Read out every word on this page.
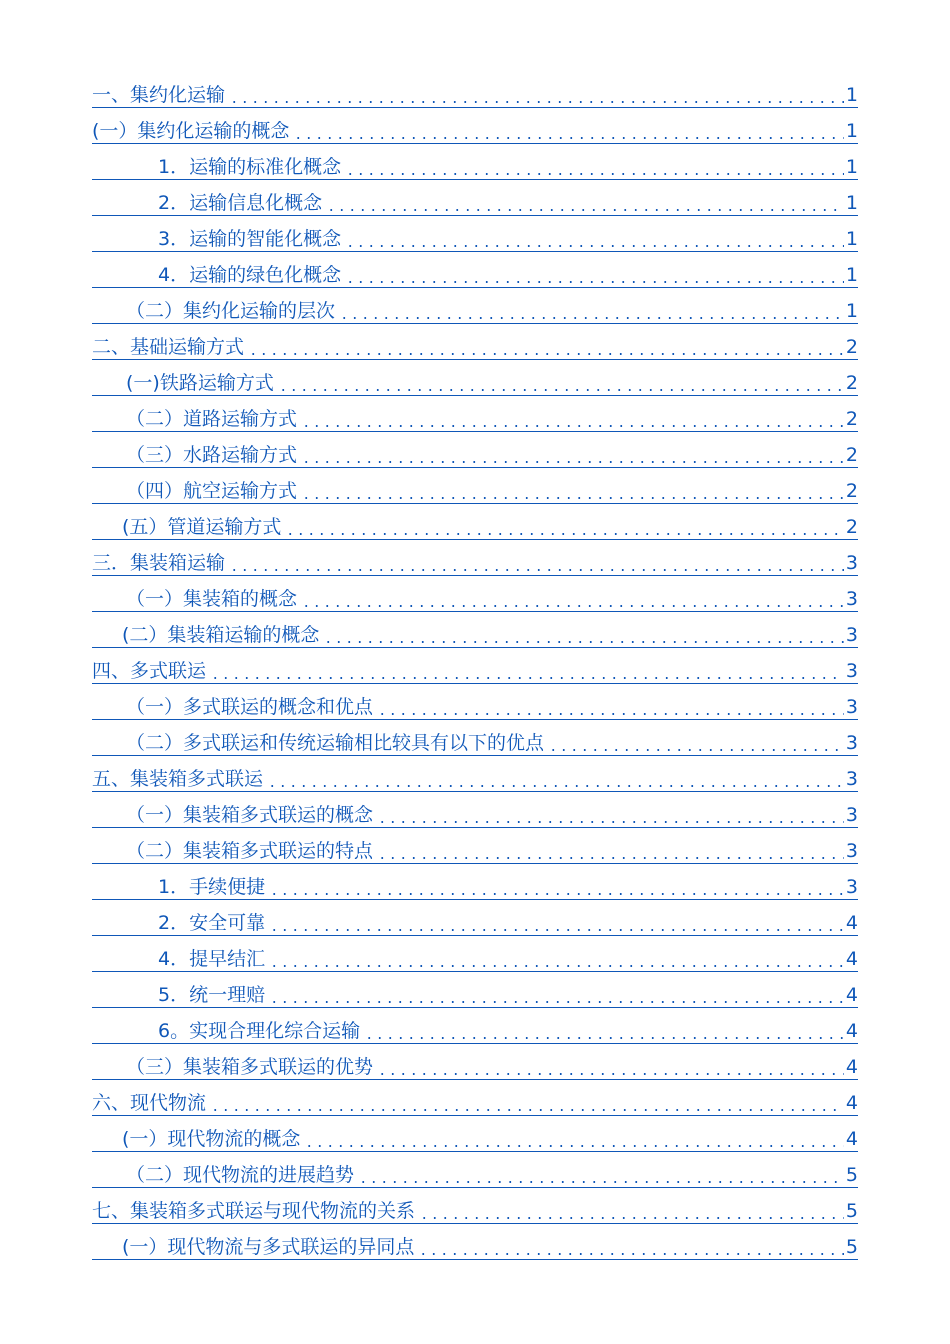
一、集约化运输	1
(一）集约化运输的概念	1
1．运输的标准化概念	1
2．运输信息化概念	1
3．运输的智能化概念	1
4．运输的绿色化概念	1
（二）集约化运输的层次	1
二、基础运输方式	2
(一)铁路运输方式	2
（二）道路运输方式	2
（三）水路运输方式	2
（四）航空运输方式	2
(五）管道运输方式	2
三．集装箱运输	3
（一）集装箱的概念	3
(二）集装箱运输的概念	3
四、多式联运	3
（一）多式联运的概念和优点	3
（二）多式联运和传统运输相比较具有以下的优点	3
五、集装箱多式联运	3
（一）集装箱多式联运的概念	3
（二）集装箱多式联运的特点	3
1．手续便捷	3
2．安全可靠	4
4．提早结汇	4
5．统一理赔	4
6。实现合理化综合运输	4
（三）集装箱多式联运的优势	4
六、现代物流	4
(一）现代物流的概念	4
（二）现代物流的进展趋势	5
七、集装箱多式联运与现代物流的关系	5
(一）现代物流与多式联运的异同点	5
